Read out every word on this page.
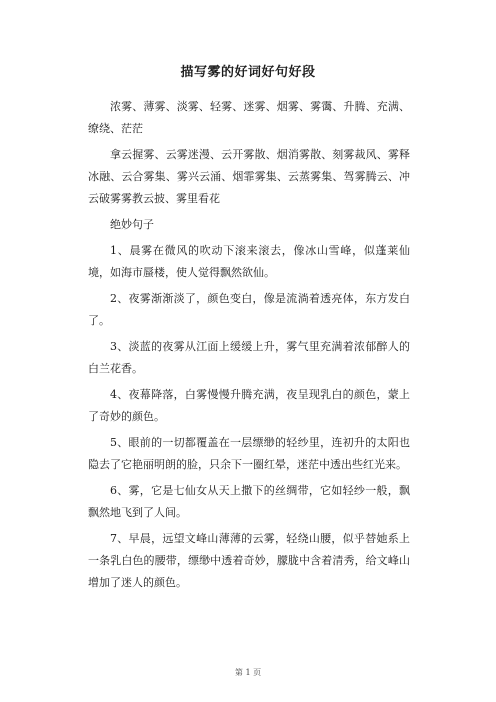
描写雾的好词好句好段

浓雾、薄雾、淡雾、轻雾、迷雾、烟雾、雾霭、升腾、充满、缭绕、茫茫

拿云握雾、云雾迷漫、云开雾散、烟消雾散、刻雾裁风、雾释冰融、云合雾集、雾兴云涌、烟霏雾集、云蒸雾集、驾雾腾云、冲云破雾雾教云披、雾里看花

绝妙句子

1、晨雾在微风的吹动下滚来滚去，像冰山雪峰，似蓬莱仙境，如海市蜃楼，使人觉得飘然欲仙。

2、夜雾渐渐淡了，颜色变白，像是流淌着透亮体，东方发白了。

3、淡蓝的夜雾从江面上缓缓上升，雾气里充满着浓郁醉人的白兰花香。

4、夜幕降落，白雾慢慢升腾充满，夜呈现乳白的颜色，蒙上了奇妙的颜色。

5、眼前的一切都覆盖在一层缥缈的轻纱里，连初升的太阳也隐去了它艳丽明朗的脸，只余下一圈红晕，迷茫中透出些红光来。

6、雾，它是七仙女从天上撒下的丝绸带，它如轻纱一般，飘飘然地飞到了人间。

7、早晨，远望文峰山薄薄的云雾，轻绕山腰，似乎替她系上一条乳白色的腰带，缥缈中透着奇妙，朦胧中含着清秀，给文峰山增加了迷人的颜色。

第 1 页
